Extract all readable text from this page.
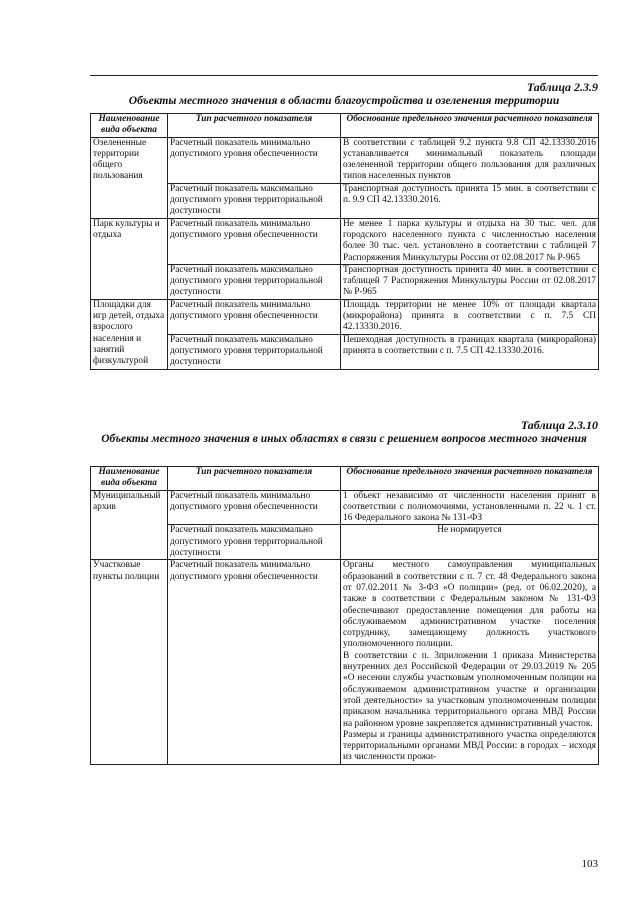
Таблица 2.3.9
Объекты местного значения в области благоустройства и озеленения территории
Наименование вида объекта	Тип расчетного показателя	Обоснование предельного значения расчетного показателя
Озелененные территории общего пользования	Расчетный показатель минимально допустимого уровня обеспеченности	В соответствии с таблицей 9.2 пункта 9.8 СП 42.13330.2016 устанавливается минимальный показатель площади озелененной территории общего пользования для различных типов населенных пунктов
	Расчетный показатель максимально допустимого уровня территориальной доступности	Транспортная доступность принята 15 мин. в соответствии с п. 9.9 СП 42.13330.2016.
Парк культуры и отдыха	Расчетный показатель минимально допустимого уровня обеспеченности	Не менее 1 парка культуры и отдыха на 30 тыс. чел. для городского населенного пункта с численностью населения более 30 тыс. чел. установлено в соответствии с таблицей 7 Распоряжения Минкультуры России от 02.08.2017 № Р-965
	Расчетный показатель максимально допустимого уровня территориальной доступности	Транспортная доступность принята 40 мин. в соответствии с таблицей 7 Распоряжения Минкультуры России от 02.08.2017 № Р-965
Площадки для игр детей, отдыха взрослого населения и занятий физкультурой	Расчетный показатель минимально допустимого уровня обеспеченности	Площадь территории не менее 10% от площади квартала (микрорайона) принята в соответствии с п. 7.5 СП 42.13330.2016.
	Расчетный показатель максимально допустимого уровня территориальной доступности	Пешеходная доступность в границах квартала (микрорайона) принята в соответствии с п. 7.5 СП 42.13330.2016.
Таблица 2.3.10
Объекты местного значения в иных областях в связи с решением вопросов местного значения
Наименование вида объекта	Тип расчетного показателя	Обоснование предельного значения расчетного показателя
Муниципальный архив	Расчетный показатель минимально допустимого уровня обеспеченности	1 объект независимо от численности населения принят в соответствии с полномочиями, установленными п. 22 ч. 1 ст. 16 Федерального закона № 131-ФЗ
	Расчетный показатель максимально допустимого уровня территориальной доступности	Не нормируется
Участковые пункты полиции	Расчетный показатель минимально допустимого уровня обеспеченности	Органы местного самоуправления муниципальных образований в соответствии с п. 7 ст. 48 Федерального закона от 07.02.2011 № 3-ФЗ «О полиции» (ред. от 06.02.2020), а также в соответствии с Федеральным законом № 131-ФЗ обеспечивают предоставление помещения для работы на обслуживаемом административном участке поселения сотруднику, замещающему должность участкового уполномоченного полиции.

В соответствии с п. 3приложения 1 приказа Министерства внутренних дел Российской Федерации от 29.03.2019 № 205 «О несении службы участковым уполномоченным полиции на обслуживаемом административном участке и организации этой деятельности» за участковым уполномоченным полиции приказом начальника территориального органа МВД России на районном уровне закрепляется административный участок.

Размеры и границы административного участка определяются территориальными органами МВД России: в городах – исходя из численности прожи-

103
